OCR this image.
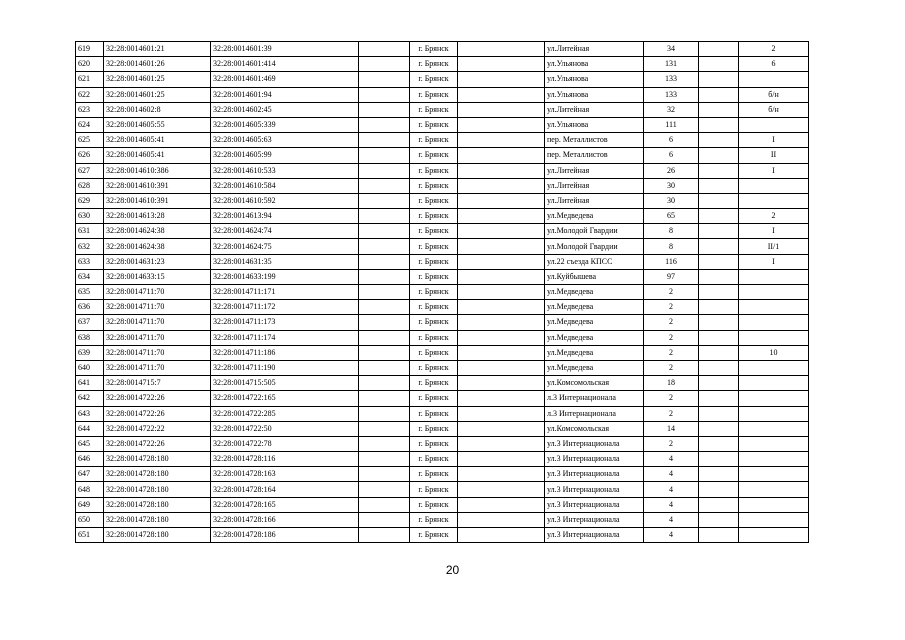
619	32:28:0014601:21	32:28:0014601:39		г. Брянск		ул.Литейная	34		2
620	32:28:0014601:26	32:28:0014601:414		г. Брянск		ул.Ульянова	131		6
621	32:28:0014601:25	32:28:0014601:469		г. Брянск		ул.Ульянова	133		
622	32:28:0014601:25	32:28:0014601:94		г. Брянск		ул.Ульянова	133		б/н
623	32:28:0014602:8	32:28:0014602:45		г. Брянск		ул.Литейная	32		б/н
624	32:28:0014605:55	32:28:0014605:339		г. Брянск		ул.Ульянова	111		
625	32:28:0014605:41	32:28:0014605:63		г. Брянск		пер. Металлистов	6		I
626	32:28:0014605:41	32:28:0014605:99		г. Брянск		пер. Металлистов	6		II
627	32:28:0014610:386	32:28:0014610:533		г. Брянск		ул.Литейная	26		I
628	32:28:0014610:391	32:28:0014610:584		г. Брянск		ул.Литейная	30		
629	32:28:0014610:391	32:28:0014610:592		г. Брянск		ул.Литейная	30		
630	32:28:0014613:28	32:28:0014613:94		г. Брянск		ул.Медведева	65		2
631	32:28:0014624:38	32:28:0014624:74		г. Брянск		ул.Молодой Гвардии	8		I
632	32:28:0014624:38	32:28:0014624:75		г. Брянск		ул.Молодой Гвардии	8		II/1
633	32:28:0014631:23	32:28:0014631:35		г. Брянск		ул.22 съезда КПСС	116		I
634	32:28:0014633:15	32:28:0014633:199		г. Брянск		ул.Куйбышева	97		
635	32:28:0014711:70	32:28:0014711:171		г. Брянск		ул.Медведева	2		
636	32:28:0014711:70	32:28:0014711:172		г. Брянск		ул.Медведева	2		
637	32:28:0014711:70	32:28:0014711:173		г. Брянск		ул.Медведева	2		
638	32:28:0014711:70	32:28:0014711:174		г. Брянск		ул.Медведева	2		
639	32:28:0014711:70	32:28:0014711:186		г. Брянск		ул.Медведева	2		10
640	32:28:0014711:70	32:28:0014711:190		г. Брянск		ул.Медведева	2		
641	32:28:0014715:7	32:28:0014715:505		г. Брянск		ул.Комсомольская	18		
642	32:28:0014722:26	32:28:0014722:165		г. Брянск		л.3 Интернационала	2		
643	32:28:0014722:26	32:28:0014722:285		г. Брянск		л.3 Интернационала	2		
644	32:28:0014722:22	32:28:0014722:50		г. Брянск		ул.Комсомольская	14		
645	32:28:0014722:26	32:28:0014722:78		г. Брянск		ул.3 Интернационала	2		
646	32:28:0014728:180	32:28:0014728:116		г. Брянск		ул.3 Интернационала	4		
647	32:28:0014728:180	32:28:0014728:163		г. Брянск		ул.3 Интернационала	4		
648	32:28:0014728:180	32:28:0014728:164		г. Брянск		ул.3 Интернационала	4		
649	32:28:0014728:180	32:28:0014728:165		г. Брянск		ул.3 Интернационала	4		
650	32:28:0014728:180	32:28:0014728:166		г. Брянск		ул.3 Интернационала	4		
651	32:28:0014728:180	32:28:0014728:186		г. Брянск		ул.3 Интернационала	4		
20
